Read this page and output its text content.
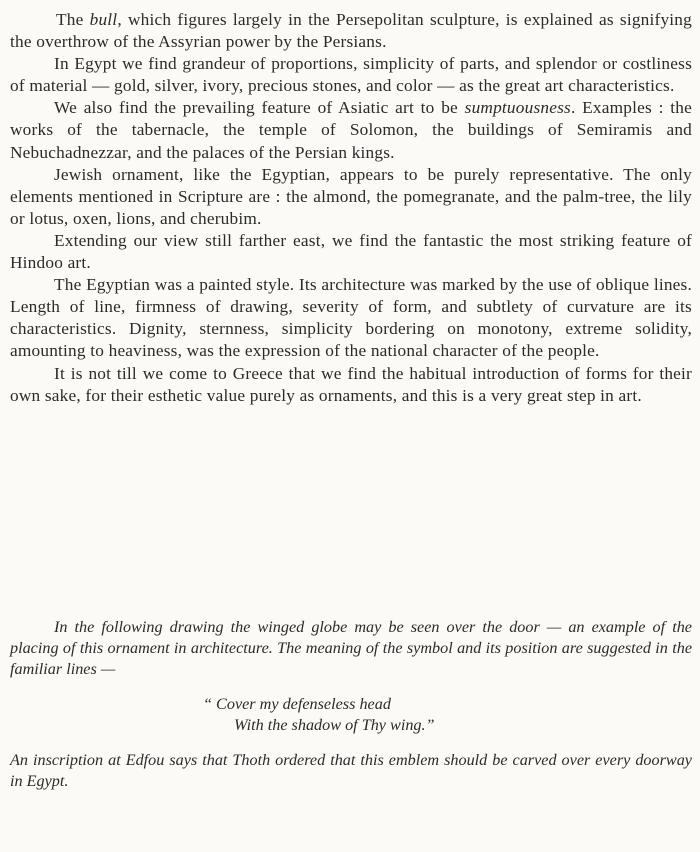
The bull, which figures largely in the Persepolitan sculpture, is explained as signifying the overthrow of the Assyrian power by the Persians.

In Egypt we find grandeur of proportions, simplicity of parts, and splendor or costliness of material — gold, silver, ivory, precious stones, and color — as the great art characteristics.

We also find the prevailing feature of Asiatic art to be sumptuousness. Examples : the works of the tabernacle, the temple of Solomon, the buildings of Semiramis and Nebuchadnezzar, and the palaces of the Persian kings.

Jewish ornament, like the Egyptian, appears to be purely representative. The only elements mentioned in Scripture are : the almond, the pomegranate, and the palm-tree, the lily or lotus, oxen, lions, and cherubim.

Extending our view still farther east, we find the fantastic the most striking feature of Hindoo art.

The Egyptian was a painted style. Its architecture was marked by the use of oblique lines. Length of line, firmness of drawing, severity of form, and subtlety of curvature are its characteristics. Dignity, sternness, simplicity bordering on monotony, extreme solidity, amounting to heaviness, was the expression of the national character of the people.

It is not till we come to Greece that we find the habitual introduction of forms for their own sake, for their esthetic value purely as ornaments, and this is a very great step in art.

In the following drawing the winged globe may be seen over the door — an example of the placing of this ornament in architecture. The meaning of the symbol and its position are suggested in the familiar lines —

“ Cover my defenseless head
With the shadow of Thy wing.”

An inscription at Edfou says that Thoth ordered that this emblem should be carved over every doorway in Egypt.
